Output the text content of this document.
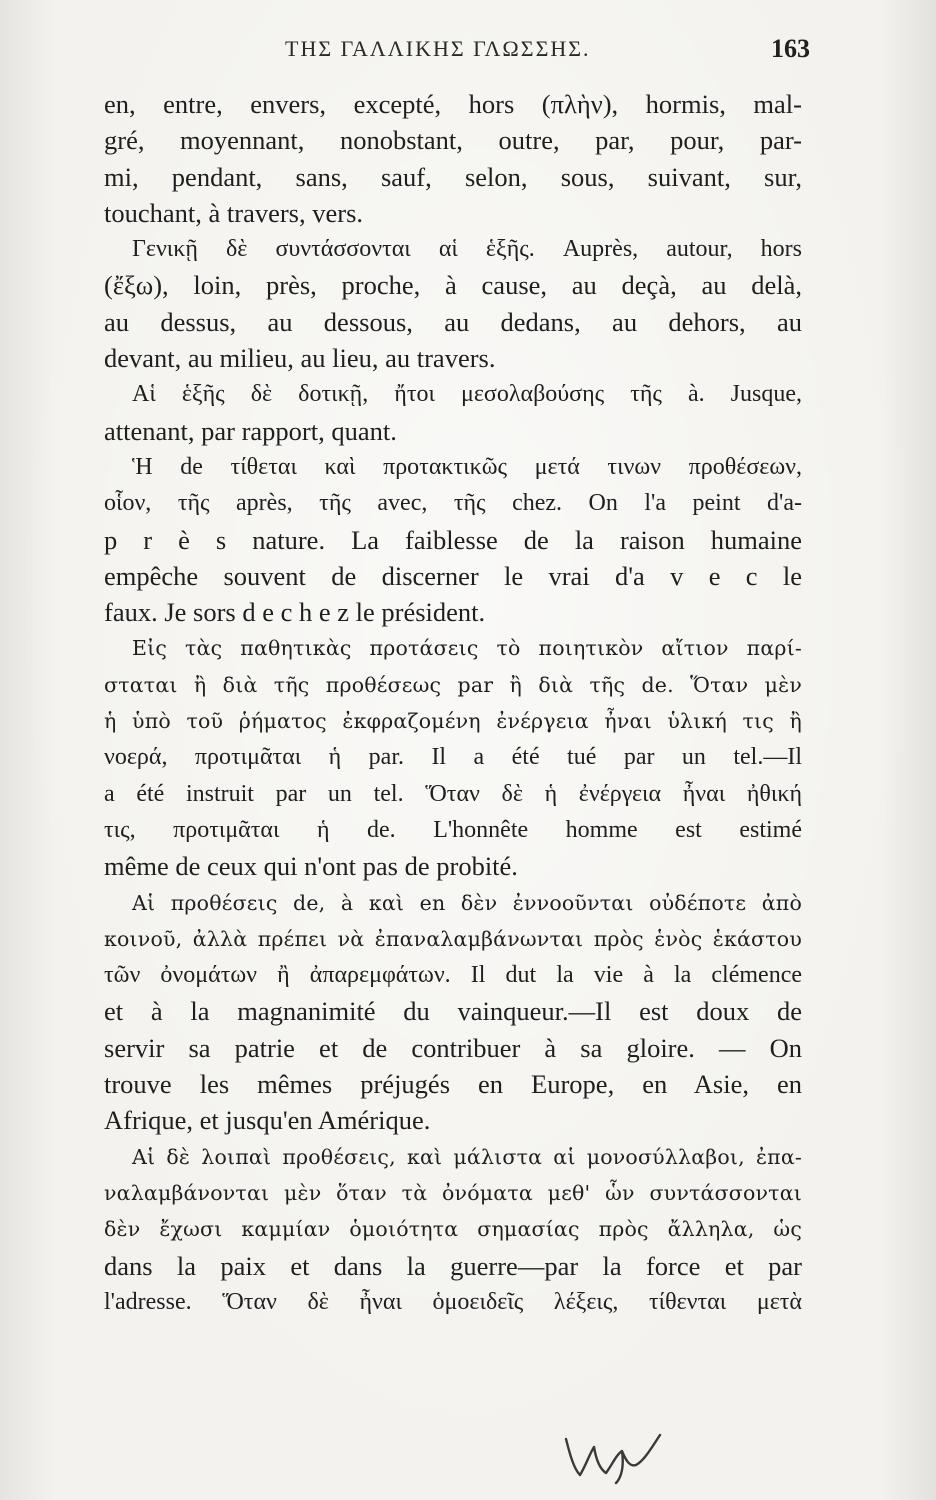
ΤΗΣ ΓΑΛΛΙΚΗΣ ΓΛΩΣΣΗΣ.	163
en, entre, envers, excepté, hors (πλὴν), hormis, mal-
gré, moyennant, nonobstant, outre, par, pour, par-
mi, pendant, sans, sauf, selon, sous, suivant, sur,
touchant, à travers, vers.
Γενικῇ δὲ συντάσσονται αἱ ἑξῆς. Auprès, autour, hors
(ἔξω), loin, près, proche, à cause, au deçà, au delà,
au dessus, au dessous, au dedans, au dehors, au
devant, au milieu, au lieu, au travers.
Αἱ ἑξῆς δὲ δοτικῇ, ἤτοι μεσολαβούσης τῆς à. Jusque,
attenant, par rapport, quant.
Ἡ de τίθεται καὶ προτακτικῶς μετά τινων προθέσεων,
οἷον, τῆς après, τῆς avec, τῆς chez. On l'a peint d'a-
p r è s nature. La faiblesse de la raison humaine
empêche souvent de discerner le vrai d'a v e c le
faux. Je sors d e c h e z le président.
Εἰς τὰς παθητικὰς προτάσεις τὸ ποιητικὸν αἴτιον παρί-
σταται ἢ διὰ τῆς προθέσεως par ἢ διὰ τῆς de. Ὅταν μὲν
ἡ ὑπὸ τοῦ ῥήματος ἐκφραζομένη ἐνέργεια ἦναι ὑλική τις ἢ
νοερά, προτιμᾶται ἡ par. Il a été tué par un tel.—Il
a été instruit par un tel. Ὅταν δὲ ἡ ἐνέργεια ἦναι ἠθική
τις, προτιμᾶται ἡ de. L'honnête homme est estimé
même de ceux qui n'ont pas de probité.
Αἱ προθέσεις de, à καὶ en δὲν ἐννοοῦνται οὐδέποτε ἀπὸ
κοινοῦ, ἀλλὰ πρέπει νὰ ἐπαναλαμβάνωνται πρὸς ἑνὸς ἑκάστου
τῶν ὀνομάτων ἢ ἀπαρεμφάτων. Il dut la vie à la clémence
et à la magnanimité du vainqueur.—Il est doux de
servir sa patrie et de contribuer à sa gloire. — On
trouve les mêmes préjugés en Europe, en Asie, en
Afrique, et jusqu'en Amérique.
Αἱ δὲ λοιπαὶ προθέσεις, καὶ μάλιστα αἱ μονοσύλλαβοι, ἐπα-
ναλαμβάνονται μὲν ὅταν τὰ ὀνόματα μεθ' ὧν συντάσσονται
δὲν ἔχωσι καμμίαν ὁμοιότητα σημασίας πρὸς ἄλληλα, ὡς
dans la paix et dans la guerre—par la force et par
l'adresse. Ὅταν δὲ ἦναι ὁμοειδεῖς λέξεις, τίθενται μετὰ
